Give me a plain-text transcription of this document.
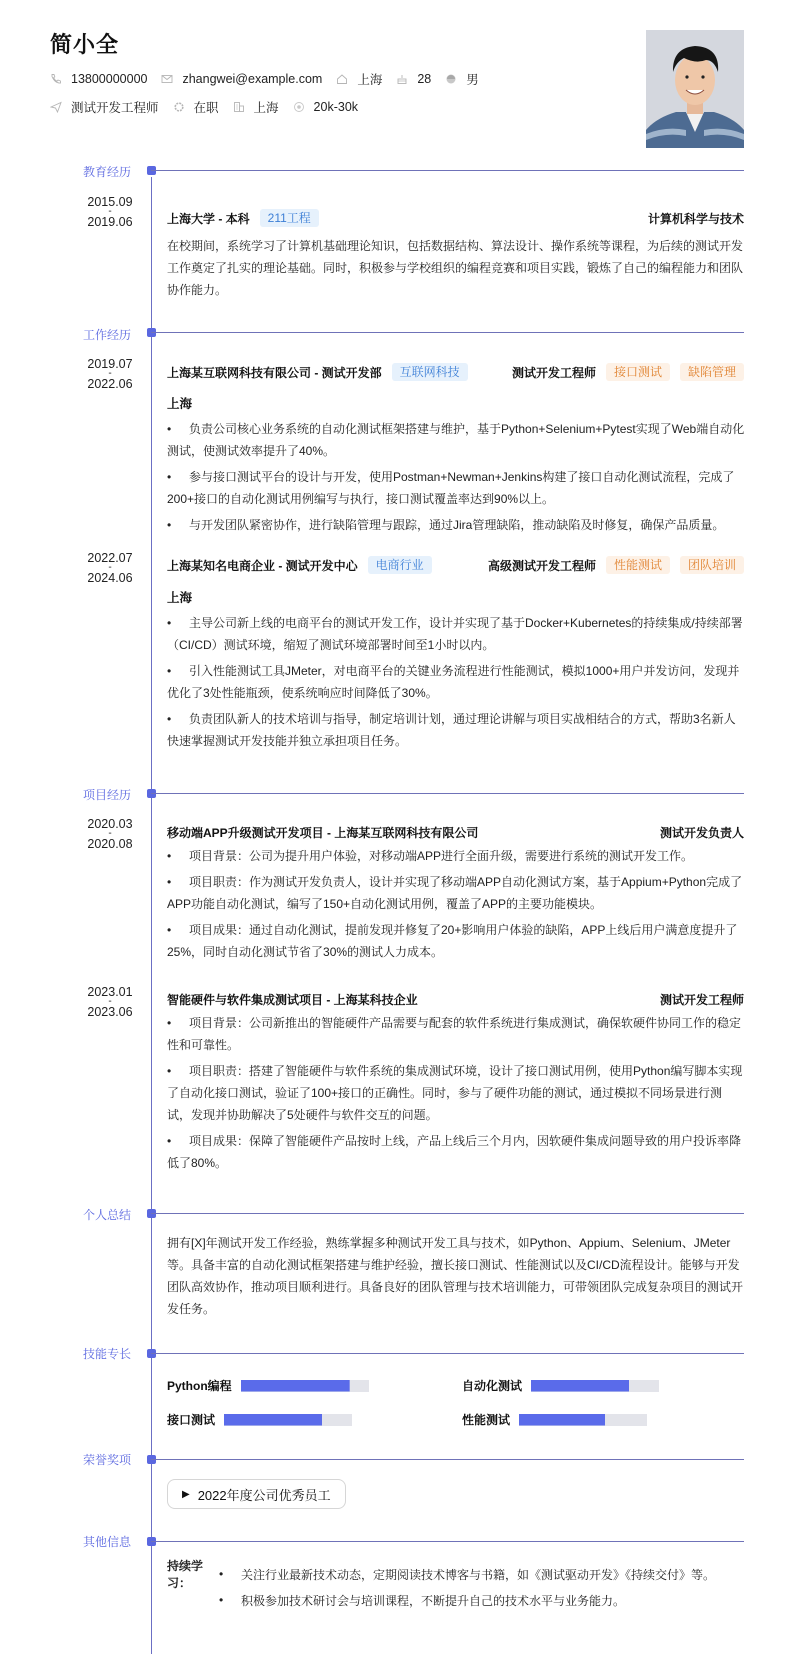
简小全
13800000000	zhangwei@example.com	上海	28	男
测试开发工程师	在职	上海	20k-30k
教育经历
2015.09
-
2019.06	上海大学 - 本科	211工程	计算机科学与技术
在校期间，系统学习了计算机基础理论知识，包括数据结构、算法设计、操作系统等课程，为后续的测试开发工作奠定了扎实的理论基础。同时，积极参与学校组织的编程竞赛和项目实践，锻炼了自己的编程能力和团队协作能力。
工作经历
2019.07
-
2022.06
上海某互联网科技有限公司 - 测试开发部	互联网科技	测试开发工程师	接口测试	缺陷管理
上海
• 负责公司核心业务系统的自动化测试框架搭建与维护，基于Python+Selenium+Pytest实现了Web端自动化测试，使测试效率提升了40%。
• 参与接口测试平台的设计与开发，使用Postman+Newman+Jenkins构建了接口自动化测试流程，完成了200+接口的自动化测试用例编写与执行，接口测试覆盖率达到90%以上。
• 与开发团队紧密协作，进行缺陷管理与跟踪，通过Jira管理缺陷，推动缺陷及时修复，确保产品质量。
2022.07
-
2024.06
上海某知名电商企业 - 测试开发中心	电商行业	高级测试开发工程师	性能测试	团队培训
上海
• 主导公司新上线的电商平台的测试开发工作，设计并实现了基于Docker+Kubernetes的持续集成/持续部署（CI/CD）测试环境，缩短了测试环境部署时间至1小时以内。
• 引入性能测试工具JMeter，对电商平台的关键业务流程进行性能测试，模拟1000+用户并发访问，发现并优化了3处性能瓶颈，使系统响应时间降低了30%。
• 负责团队新人的技术培训与指导，制定培训计划，通过理论讲解与项目实战相结合的方式，帮助3名新人快速掌握测试开发技能并独立承担项目任务。
项目经历
2020.03
-
2020.08
移动端APP升级测试开发项目 - 上海某互联网科技有限公司	测试开发负责人
• 项目背景：公司为提升用户体验，对移动端APP进行全面升级，需要进行系统的测试开发工作。
• 项目职责：作为测试开发负责人，设计并实现了移动端APP自动化测试方案，基于Appium+Python完成了APP功能自动化测试，编写了150+自动化测试用例，覆盖了APP的主要功能模块。
• 项目成果：通过自动化测试，提前发现并修复了20+影响用户体验的缺陷，APP上线后用户满意度提升了25%，同时自动化测试节省了30%的测试人力成本。
2023.01
-
2023.06
智能硬件与软件集成测试项目 - 上海某科技企业	测试开发工程师
• 项目背景：公司新推出的智能硬件产品需要与配套的软件系统进行集成测试，确保软硬件协同工作的稳定性和可靠性。
• 项目职责：搭建了智能硬件与软件系统的集成测试环境，设计了接口测试用例，使用Python编写脚本实现了自动化接口测试，验证了100+接口的正确性。同时，参与了硬件功能的测试，通过模拟不同场景进行测试，发现并协助解决了5处硬件与软件交互的问题。
• 项目成果：保障了智能硬件产品按时上线，产品上线后三个月内，因软硬件集成问题导致的用户投诉率降低了80%。
个人总结
拥有[X]年测试开发工作经验，熟练掌握多种测试开发工具与技术，如Python、Appium、Selenium、JMeter等。具备丰富的自动化测试框架搭建与维护经验，擅长接口测试、性能测试以及CI/CD流程设计。能够与开发团队高效协作，推动项目顺利进行。具备良好的团队管理与技术培训能力，可带领团队完成复杂项目的测试开发任务。
技能专长
Python编程	自动化测试
接口测试	性能测试
荣誉奖项
▶ 2022年度公司优秀员工
其他信息
持续学习：
•	关注行业最新技术动态，定期阅读技术博客与书籍，如《测试驱动开发》《持续交付》等。
•	积极参加技术研讨会与培训课程，不断提升自己的技术水平与业务能力。
